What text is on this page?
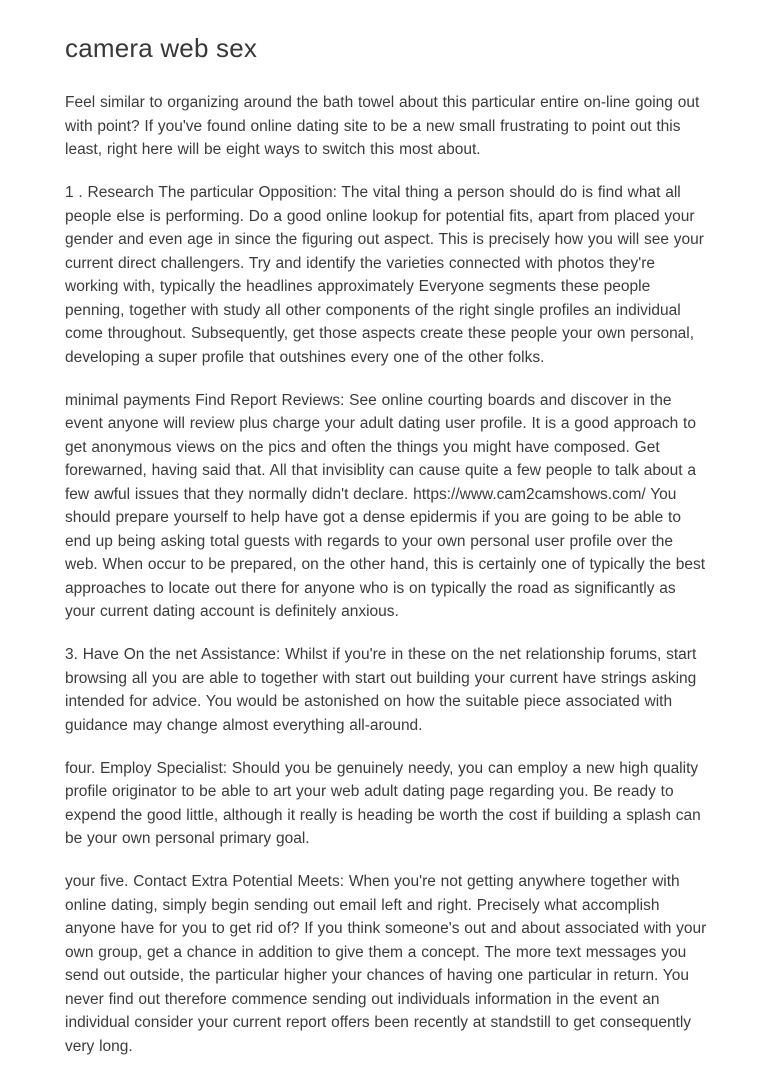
camera web sex

Feel similar to organizing around the bath towel about this particular entire on-line going out with point? If you've found online dating site to be a new small frustrating to point out this least, right here will be eight ways to switch this most about.

1 . Research The particular Opposition: The vital thing a person should do is find what all people else is performing. Do a good online lookup for potential fits, apart from placed your gender and even age in since the figuring out aspect. This is precisely how you will see your current direct challengers. Try and identify the varieties connected with photos they're working with, typically the headlines approximately Everyone segments these people penning, together with study all other components of the right single profiles an individual come throughout. Subsequently, get those aspects create these people your own personal, developing a super profile that outshines every one of the other folks.

minimal payments Find Report Reviews: See online courting boards and discover in the event anyone will review plus charge your adult dating user profile. It is a good approach to get anonymous views on the pics and often the things you might have composed. Get forewarned, having said that. All that invisiblity can cause quite a few people to talk about a few awful issues that they normally didn't declare. https://www.cam2camshows.com/ You should prepare yourself to help have got a dense epidermis if you are going to be able to end up being asking total guests with regards to your own personal user profile over the web. When occur to be prepared, on the other hand, this is certainly one of typically the best approaches to locate out there for anyone who is on typically the road as significantly as your current dating account is definitely anxious.

3. Have On the net Assistance: Whilst if you're in these on the net relationship forums, start browsing all you are able to together with start out building your current have strings asking intended for advice. You would be astonished on how the suitable piece associated with guidance may change almost everything all-around.

four. Employ Specialist: Should you be genuinely needy, you can employ a new high quality profile originator to be able to art your web adult dating page regarding you. Be ready to expend the good little, although it really is heading be worth the cost if building a splash can be your own personal primary goal.

your five. Contact Extra Potential Meets: When you're not getting anywhere together with online dating, simply begin sending out email left and right. Precisely what accomplish anyone have for you to get rid of? If you think someone's out and about associated with your own group, get a chance in addition to give them a concept. The more text messages you send out outside, the particular higher your chances of having one particular in return. You never find out therefore commence sending out individuals information in the event an individual consider your current report offers been recently at standstill to get consequently very long.
